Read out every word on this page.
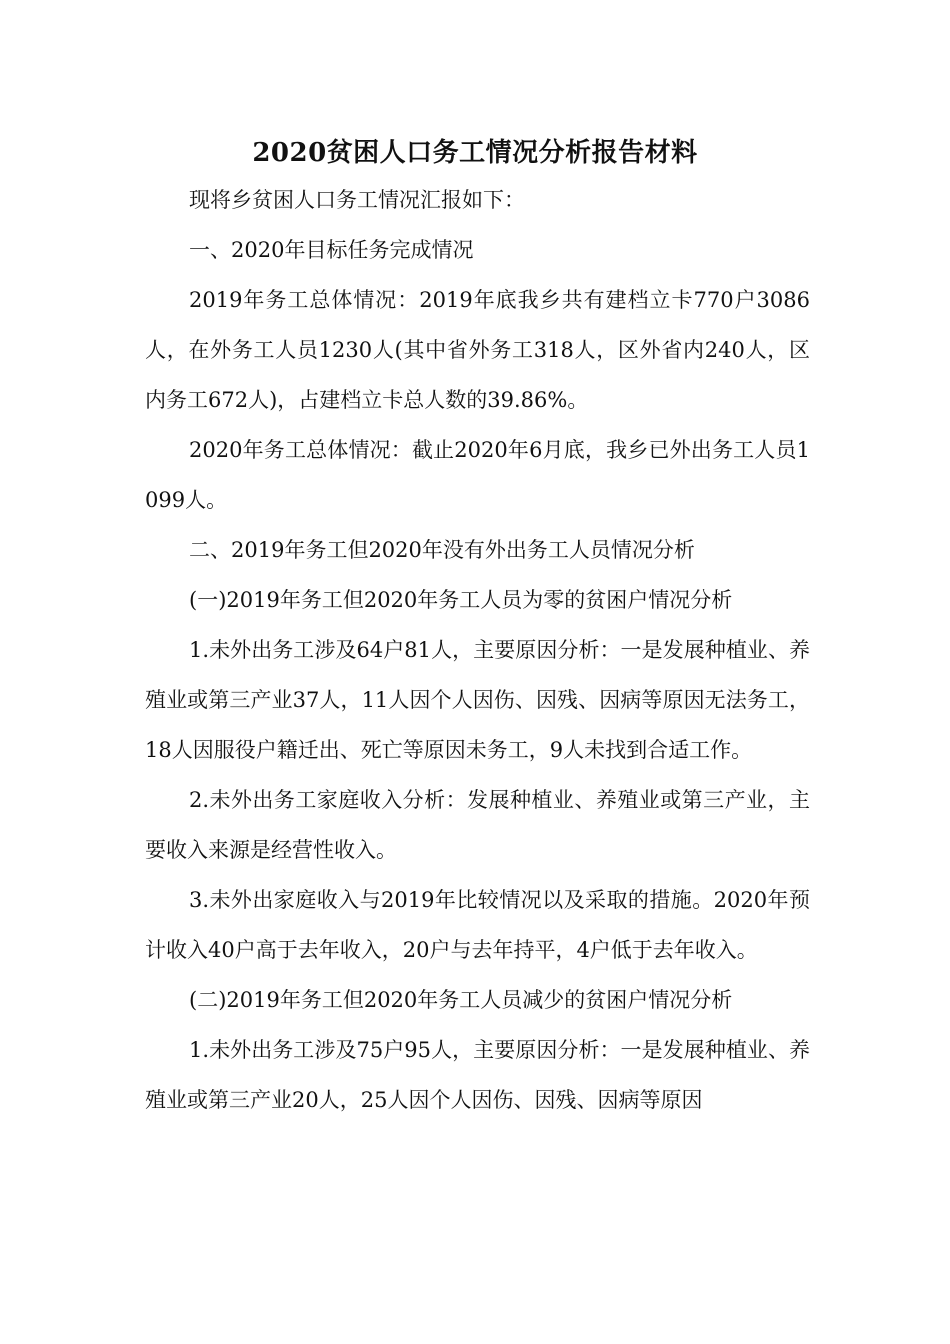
2020贫困人口务工情况分析报告材料

现将乡贫困人口务工情况汇报如下：

一、2020年目标任务完成情况

2019年务工总体情况：2019年底我乡共有建档立卡770户3086人，在外务工人员1230人(其中省外务工318人，区外省内240人，区内务工672人)，占建档立卡总人数的39.86%。

2020年务工总体情况：截止2020年6月底，我乡已外出务工人员1099人。

二、2019年务工但2020年没有外出务工人员情况分析

(一)2019年务工但2020年务工人员为零的贫困户情况分析

1.未外出务工涉及64户81人，主要原因分析：一是发展种植业、养殖业或第三产业37人，11人因个人因伤、因残、因病等原因无法务工，18人因服役户籍迁出、死亡等原因未务工，9人未找到合适工作。

2.未外出务工家庭收入分析：发展种植业、养殖业或第三产业，主要收入来源是经营性收入。

3.未外出家庭收入与2019年比较情况以及采取的措施。2020年预计收入40户高于去年收入，20户与去年持平，4户低于去年收入。

(二)2019年务工但2020年务工人员减少的贫困户情况分析

1.未外出务工涉及75户95人，主要原因分析：一是发展种植业、养殖业或第三产业20人，25人因个人因伤、因残、因病等原因
